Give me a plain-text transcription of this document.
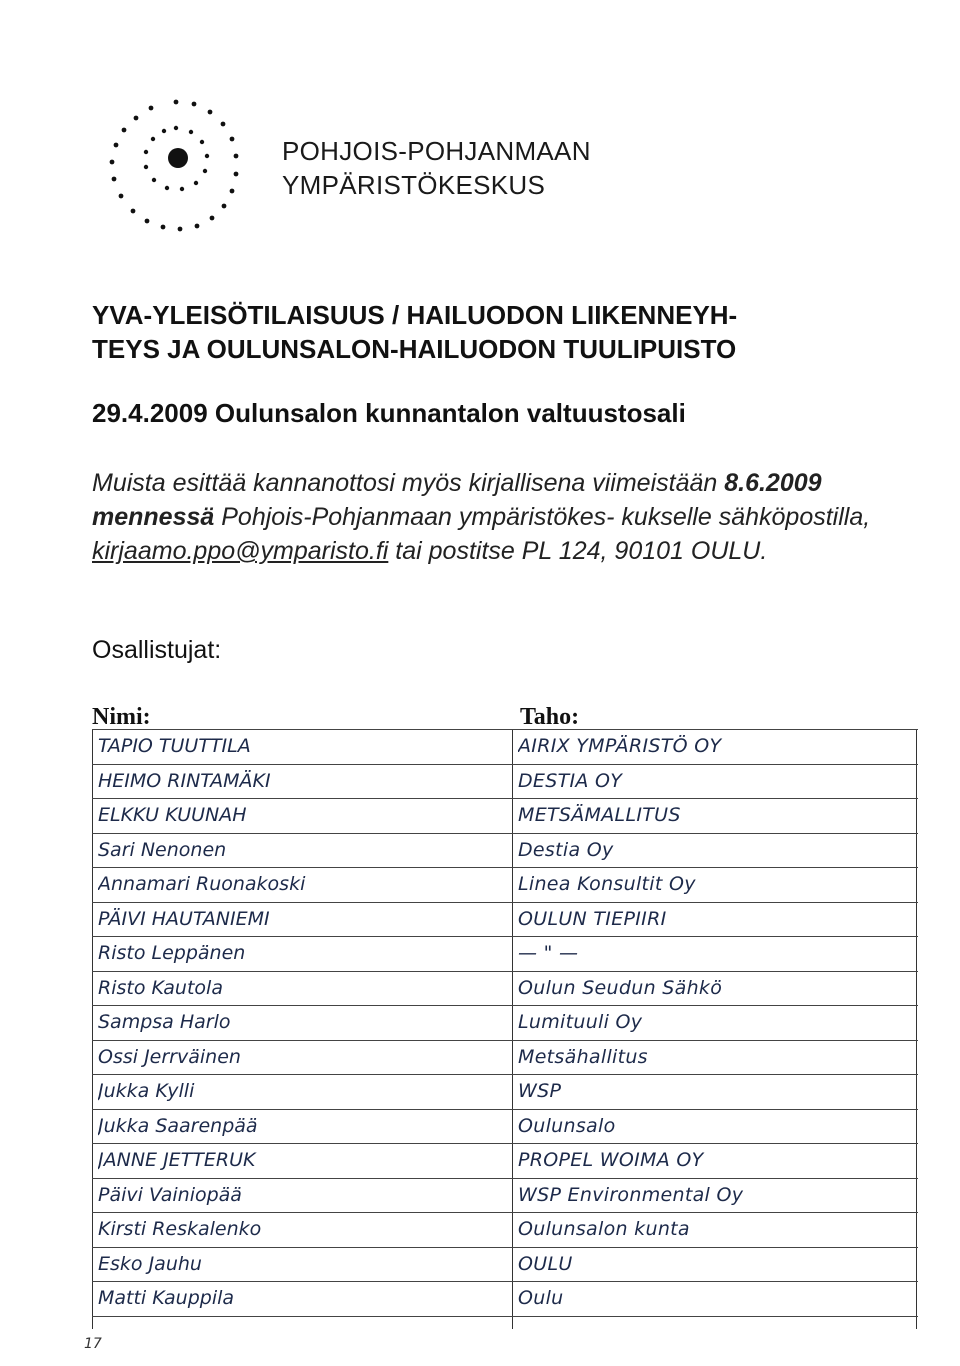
POHJOIS-POHJANMAAN
YMPÄRISTÖKESKUS
YVA-YLEISÖTILAISUUS / HAILUODON LIIKENNEYH-
TEYS JA OULUNSALON-HAILUODON TUULIPUISTO
29.4.2009 Oulunsalon kunnantalon valtuustosali
Muista esittää kannanottosi myös kirjallisena viimeistään 8.6.2009 mennessä Pohjois-Pohjanmaan ympäristökes- kukselle sähköpostilla, kirjaamo.ppo@ymparisto.fi tai postitse PL 124, 90101 OULU.
Osallistujat:
Nimi:	Taho:
TAPIO TUUTTILA	AIRIX YMPÄRISTÖ OY
HEIMO RINTAMÄKI	DESTIA OY
ELKKU KUUNAH	METSÄMALLITUS
Sari Nenonen	Destia Oy
Annamari Ruonakoski	Linea Konsultit Oy
PÄIVI HAUTANIEMI	OULUN TIEPIIRI
Risto Leppänen	— " —
Risto Kautola	Oulun Seudun Sähkö
Sampsa Harlo	Lumituuli Oy
Ossi Jerrväinen	Metsähallitus
Jukka Kylli	WSP
Jukka Saarenpää	Oulunsalo
JANNE JETTERUK	PROPEL WOIMA OY
Päivi Vainiopää	WSP Environmental Oy
Kirsti Reskalenko	Oulunsalon kunta
Esko Jauhu	OULU
Matti Kauppila	Oulu
17
